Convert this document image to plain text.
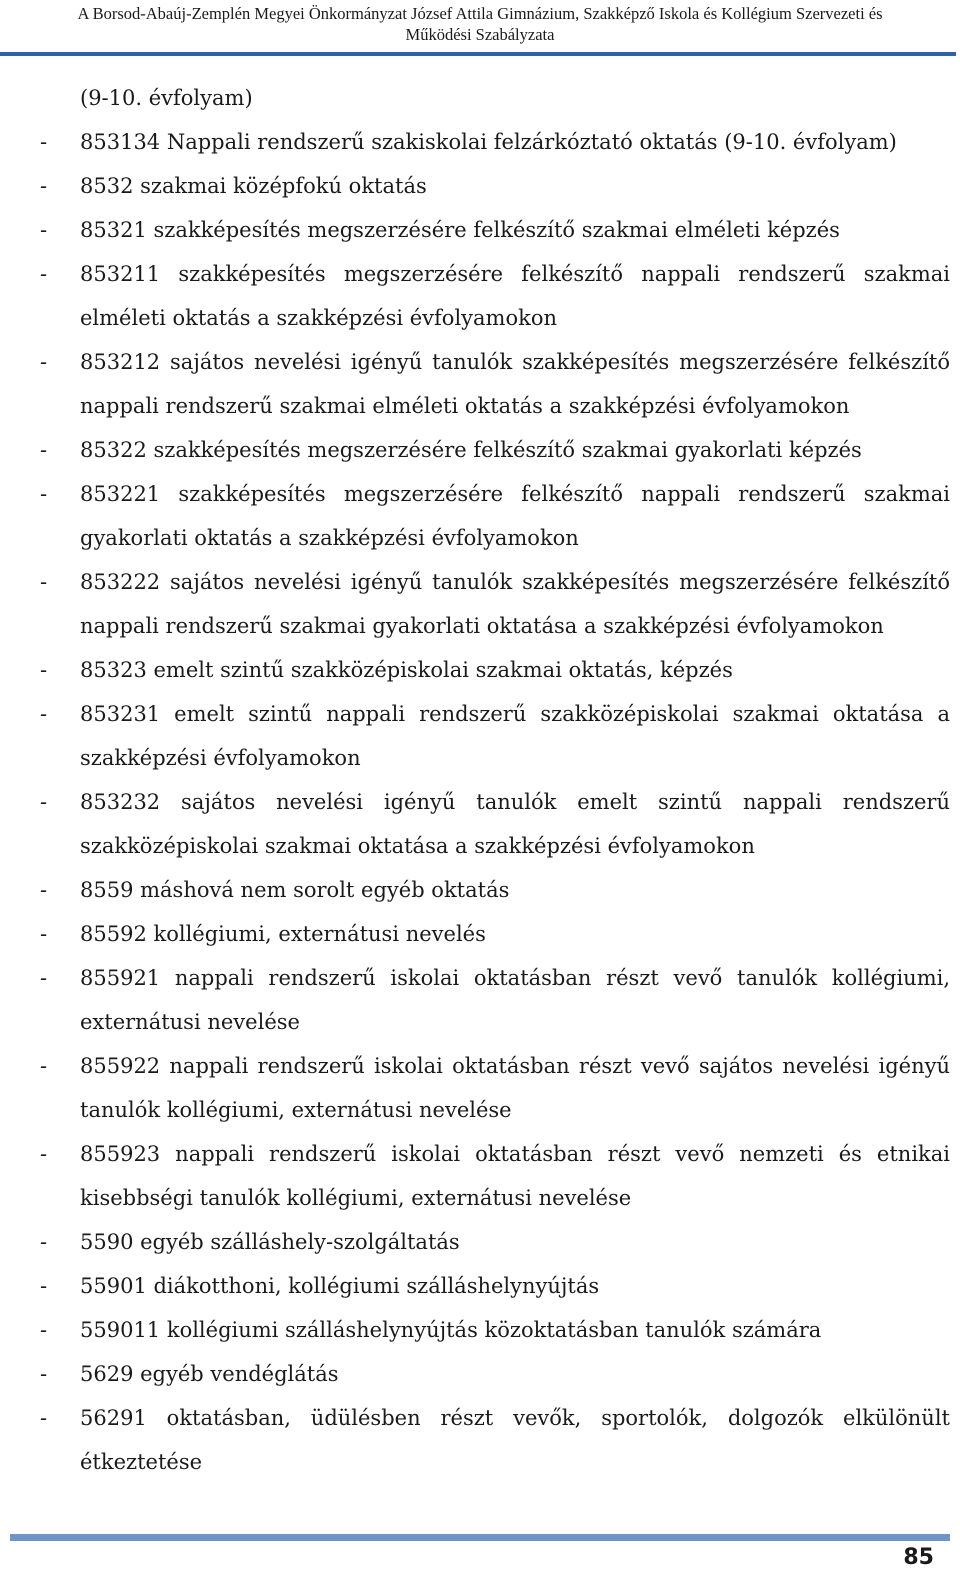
A Borsod-Abaúj-Zemplén Megyei Önkormányzat József Attila Gimnázium, Szakképző Iskola és Kollégium Szervezeti és
Működési Szabályzata
(9-10. évfolyam)
- 853134 Nappali rendszerű szakiskolai felzárkóztató oktatás (9-10. évfolyam)
- 8532 szakmai középfokú oktatás
- 85321 szakképesítés megszerzésére felkészítő szakmai elméleti képzés
- 853211 szakképesítés megszerzésére felkészítő nappali rendszerű szakmai elméleti oktatás a szakképzési évfolyamokon
- 853212 sajátos nevelési igényű tanulók szakképesítés megszerzésére felkészítő nappali rendszerű szakmai elméleti oktatás a szakképzési évfolyamokon
- 85322 szakképesítés megszerzésére felkészítő szakmai gyakorlati képzés
- 853221 szakképesítés megszerzésére felkészítő nappali rendszerű szakmai gyakorlati oktatás a szakképzési évfolyamokon
- 853222 sajátos nevelési igényű tanulók szakképesítés megszerzésére felkészítő nappali rendszerű szakmai gyakorlati oktatása a szakképzési évfolyamokon
- 85323 emelt szintű szakközépiskolai szakmai oktatás, képzés
- 853231 emelt szintű nappali rendszerű szakközépiskolai szakmai oktatása a szakképzési évfolyamokon
- 853232 sajátos nevelési igényű tanulók emelt szintű nappali rendszerű szakközépiskolai szakmai oktatása a szakképzési évfolyamokon
- 8559 máshová nem sorolt egyéb oktatás
- 85592 kollégiumi, externátusi nevelés
- 855921 nappali rendszerű iskolai oktatásban részt vevő tanulók kollégiumi, externátusi nevelése
- 855922 nappali rendszerű iskolai oktatásban részt vevő sajátos nevelési igényű tanulók kollégiumi, externátusi nevelése
- 855923 nappali rendszerű iskolai oktatásban részt vevő nemzeti és etnikai kisebbségi tanulók kollégiumi, externátusi nevelése
- 5590 egyéb szálláshely-szolgáltatás
- 55901 diákotthoni, kollégiumi szálláshelynyújtás
- 559011 kollégiumi szálláshelynyújtás közoktatásban tanulók számára
- 5629 egyéb vendéglátás
- 56291 oktatásban, üdülésben részt vevők, sportolók, dolgozók elkülönült étkeztetése
85
